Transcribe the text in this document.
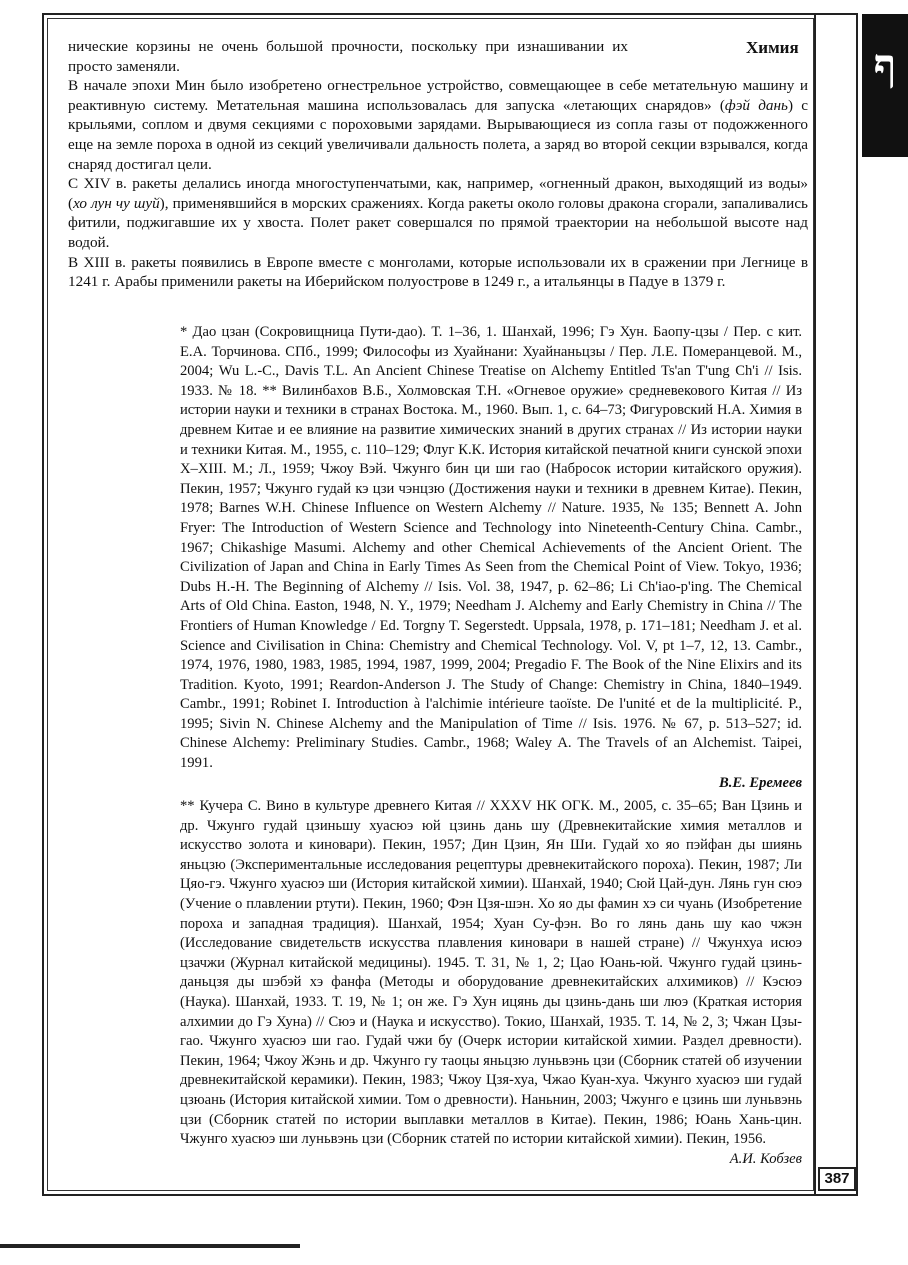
ף
Химия

нические корзины не очень большой прочности, поскольку при изнашивании их просто заменяли.

В начале эпохи Мин было изобретено огнестрельное устройство, совмещающее в себе метательную машину и реактивную систему. Метательная машина использовалась для запуска «летающих снарядов» (фэй дань) с крыльями, соплом и двумя секциями с пороховыми зарядами. Вырывающиеся из сопла газы от подожженного еще на земле пороха в одной из секций увеличивали дальность полета, а заряд во второй секции взрывался, когда снаряд достигал цели.

С XIV в. ракеты делались иногда многоступенчатыми, как, например, «огненный дракон, выходящий из воды» (хо лун чу шуй), применявшийся в морских сражениях. Когда ракеты около головы дракона сгорали, запаливались фитили, поджигавшие их у хвоста. Полет ракет совершался по прямой траектории на небольшой высоте над водой.

В XIII в. ракеты появились в Европе вместе с монголами, которые использовали их в сражении при Легнице в 1241 г. Арабы применили ракеты на Иберийском полуострове в 1249 г., а итальянцы в Падуе в 1379 г.

* Дао цзан (Сокровищница Пути-дао). Т. 1–36, 1. Шанхай, 1996; Гэ Хун. Баопу-цзы / Пер. с кит. Е.А. Торчинова. СПб., 1999; Философы из Хуайнани: Хуайнаньцзы / Пер. Л.Е. Померанцевой. М., 2004; Wu L.-C., Davis T.L. An Ancient Chinese Treatise on Alchemy Entitled Ts'an T'ung Ch'i // Isis. 1933. № 18. ** Вилинбахов В.Б., Холмовская Т.Н. «Огневое оружие» средневекового Китая // Из истории науки и техники в странах Востока. М., 1960. Вып. 1, с. 64–73; Фигуровский Н.А. Химия в древнем Китае и ее влияние на развитие химических знаний в других странах // Из истории науки и техники Китая. М., 1955, с. 110–129; Флуг К.К. История китайской печатной книги сунской эпохи X–XIII. М.; Л., 1959; Чжоу Вэй. Чжунго бин ци ши гао (Набросок истории китайского оружия). Пекин, 1957; Чжунго гудай кэ цзи чэнцзю (Достижения науки и техники в древнем Китае). Пекин, 1978; Barnes W.H. Chinese Influence on Western Alchemy // Nature. 1935, № 135; Bennett A. John Fryer: The Introduction of Western Science and Technology into Nineteenth-Century China. Cambr., 1967; Chikashige Masumi. Alchemy and other Chemical Achievements of the Ancient Orient. The Civilization of Japan and China in Early Times As Seen from the Chemical Point of View. Tokyo, 1936; Dubs H.-H. The Beginning of Alchemy // Isis. Vol. 38, 1947, p. 62–86; Li Ch'iao-p'ing. The Chemical Arts of Old China. Easton, 1948, N. Y., 1979; Needham J. Alchemy and Early Chemistry in China // The Frontiers of Human Knowledge / Ed. Torgny T. Segerstedt. Uppsala, 1978, p. 171–181; Needham J. et al. Science and Civilisation in China: Chemistry and Chemical Technology. Vol. V, pt 1–7, 12, 13. Cambr., 1974, 1976, 1980, 1983, 1985, 1994, 1987, 1999, 2004; Pregadio F. The Book of the Nine Elixirs and its Tradition. Kyoto, 1991; Reardon-Anderson J. The Study of Change: Chemistry in China, 1840–1949. Cambr., 1991; Robinet I. Introduction à l'alchimie intérieure taoïste. De l'unité et de la multiplicité. P., 1995; Sivin N. Chinese Alchemy and the Manipulation of Time // Isis. 1976. № 67, p. 513–527; id. Chinese Alchemy: Preliminary Studies. Cambr., 1968; Waley A. The Travels of an Alchemist. Taipei, 1991.

В.Е. Еремеев

** Кучера С. Вино в культуре древнего Китая // XXXV НК ОГК. М., 2005, с. 35–65; Ван Цзинь и др. Чжунго гудай цзиньшу хуасюэ юй цзинь дань шу (Древнекитайские химия металлов и искусство золота и киновари). Пекин, 1957; Дин Цзин, Ян Ши. Гудай хо яо пэйфан ды шиянь яньцзю (Экспериментальные исследования рецептуры древнекитайского пороха). Пекин, 1987; Ли Цяо-гэ. Чжунго хуасюэ ши (История китайской химии). Шанхай, 1940; Сюй Цай-дун. Лянь гун сюэ (Учение о плавлении ртути). Пекин, 1960; Фэн Цзя-шэн. Хо яо ды фамин хэ си чуань (Изобретение пороха и западная традиция). Шанхай, 1954; Хуан Су-фэн. Во го лянь дань шу као чжэн (Исследование свидетельств искусства плавления киновари в нашей стране) // Чжунхуа исюэ цзачжи (Журнал китайской медицины). 1945. Т. 31, № 1, 2; Цао Юань-юй. Чжунго гудай цзинь-даньцзя ды шэбэй хэ фанфа (Методы и оборудование древнекитайских алхимиков) // Кэсюэ (Наука). Шанхай, 1933. Т. 19, № 1; он же. Гэ Хун ицянь ды цзинь-дань ши люэ (Краткая история алхимии до Гэ Хуна) // Сюэ и (Наука и искусство). Токио, Шанхай, 1935. Т. 14, № 2, 3; Чжан Цзы-гао. Чжунго хуасюэ ши гао. Гудай чжи бу (Очерк истории китайской химии. Раздел древности). Пекин, 1964; Чжоу Жэнь и др. Чжунго гу таоцы яньцзю луньвэнь цзи (Сборник статей об изучении древнекитайской керамики). Пекин, 1983; Чжоу Цзя-хуа, Чжао Куан-хуа. Чжунго хуасюэ ши гудай цзюань (История китайской химии. Том о древности). Наньнин, 2003; Чжунго е цзинь ши луньвэнь цзи (Сборник статей по истории выплавки металлов в Китае). Пекин, 1986; Юань Хань-цин. Чжунго хуасюэ ши луньвэнь цзи (Сборник статей по истории китайской химии). Пекин, 1956.

А.И. Кобзев
387
